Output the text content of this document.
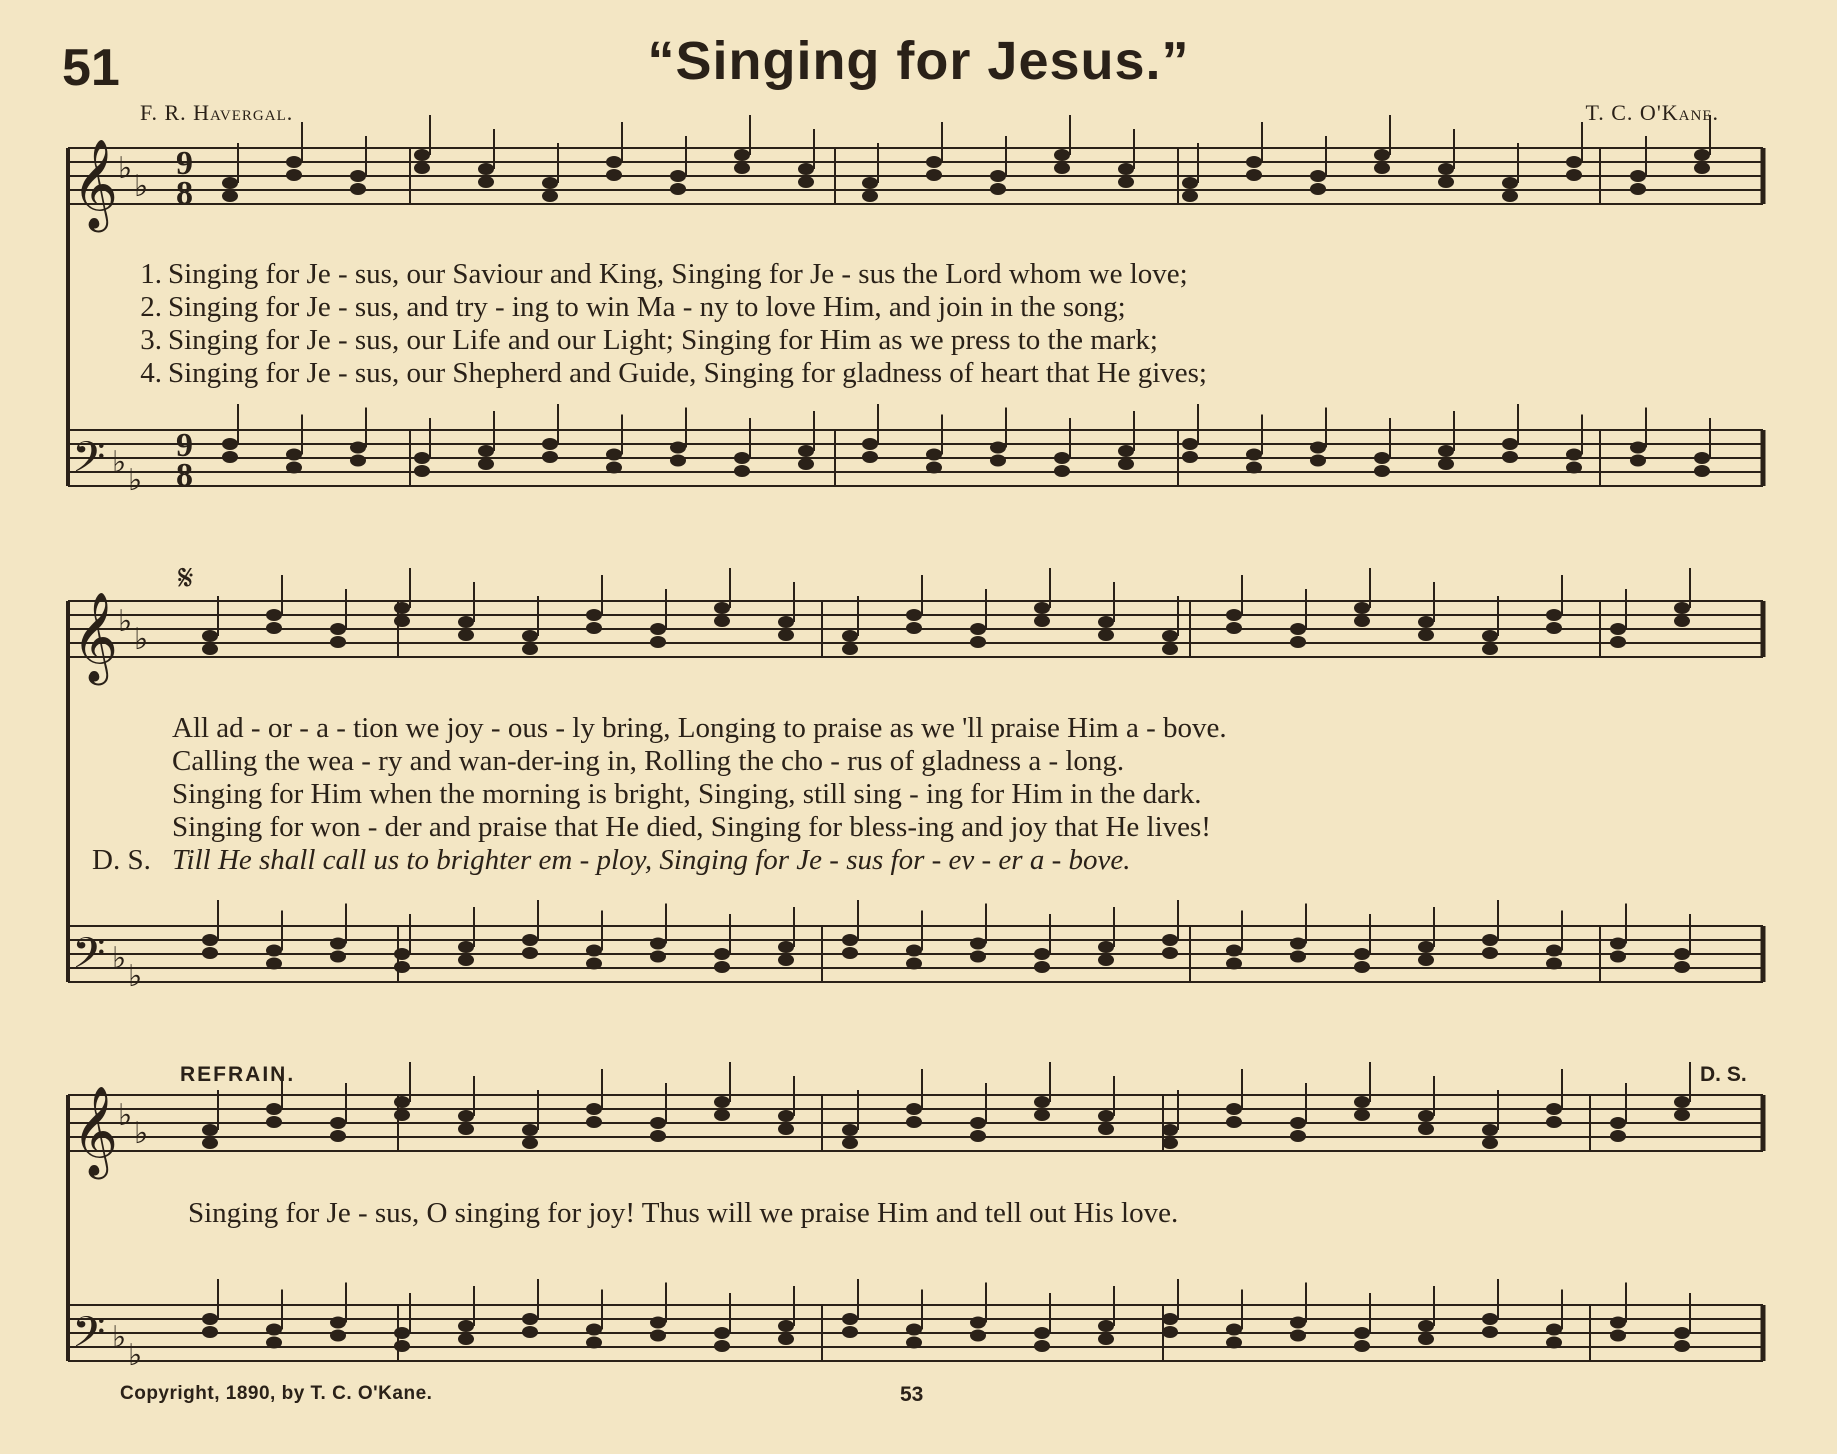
51	“Singing for Jesus.”
F. R. Havergal.	T. C. O'Kane.
𝄞 ♭
♭
𝄢 ♭
♭
𝄞 ♭
♭
𝄢 ♭
♭
𝄞 ♭
♭
𝄢 ♭
♭
9
8
9
8
1. Singing for Je - sus, our Saviour and King, Singing for Je - sus the Lord whom we love;
2. Singing for Je - sus, and try - ing to win Ma - ny to love Him, and join in the song;
3. Singing for Je - sus, our Life and our Light; Singing for Him as we press to the mark;
4. Singing for Je - sus, our Shepherd and Guide, Singing for gladness of heart that He gives;
𝄋
All ad - or - a - tion we joy - ous - ly bring, Longing to praise as we 'll praise Him a - bove.
Calling the wea - ry and wan-der-ing in, Rolling the cho - rus of gladness a - long.
Singing for Him when the morning is bright, Singing, still sing - ing for Him in the dark.
Singing for won - der and praise that He died, Singing for bless-ing and joy that He lives!
D. S. Till He shall call us to brighter em - ploy, Singing for Je - sus for - ev - er a - bove.
REFRAIN.	D. S.
Singing for Je - sus, O singing for joy! Thus will we praise Him and tell out His love.
Copyright, 1890, by T. C. O'Kane.	53
